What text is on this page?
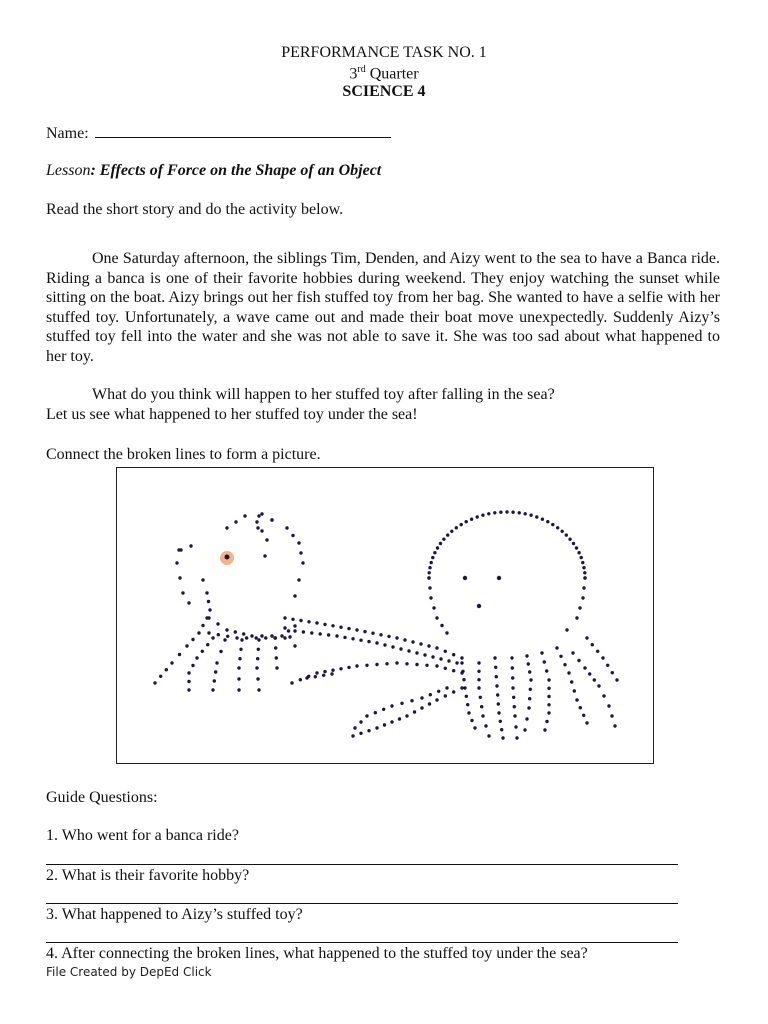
PERFORMANCE TASK NO. 1
3rd Quarter
SCIENCE 4
Name:
Lesson: Effects of Force on the Shape of an Object
Read the short story and do the activity below.
One Saturday afternoon, the siblings Tim, Denden, and Aizy went to the sea to have a Banca ride. Riding a banca is one of their favorite hobbies during weekend. They enjoy watching the sunset while sitting on the boat. Aizy brings out her fish stuffed toy from her bag. She wanted to have a selfie with her stuffed toy. Unfortunately, a wave came out and made their boat move unexpectedly. Suddenly Aizy’s stuffed toy fell into the water and she was not able to save it. She was too sad about what happened to her toy.
What do you think will happen to her stuffed toy after falling in the sea?
Let us see what happened to her stuffed toy under the sea!
Connect the broken lines to form a picture.
Guide Questions:
1. Who went for a banca ride?
2. What is their favorite hobby?
3. What happened to Aizy’s stuffed toy?
4. After connecting the broken lines, what happened to the stuffed toy under the sea?
File Created by DepEd Click
